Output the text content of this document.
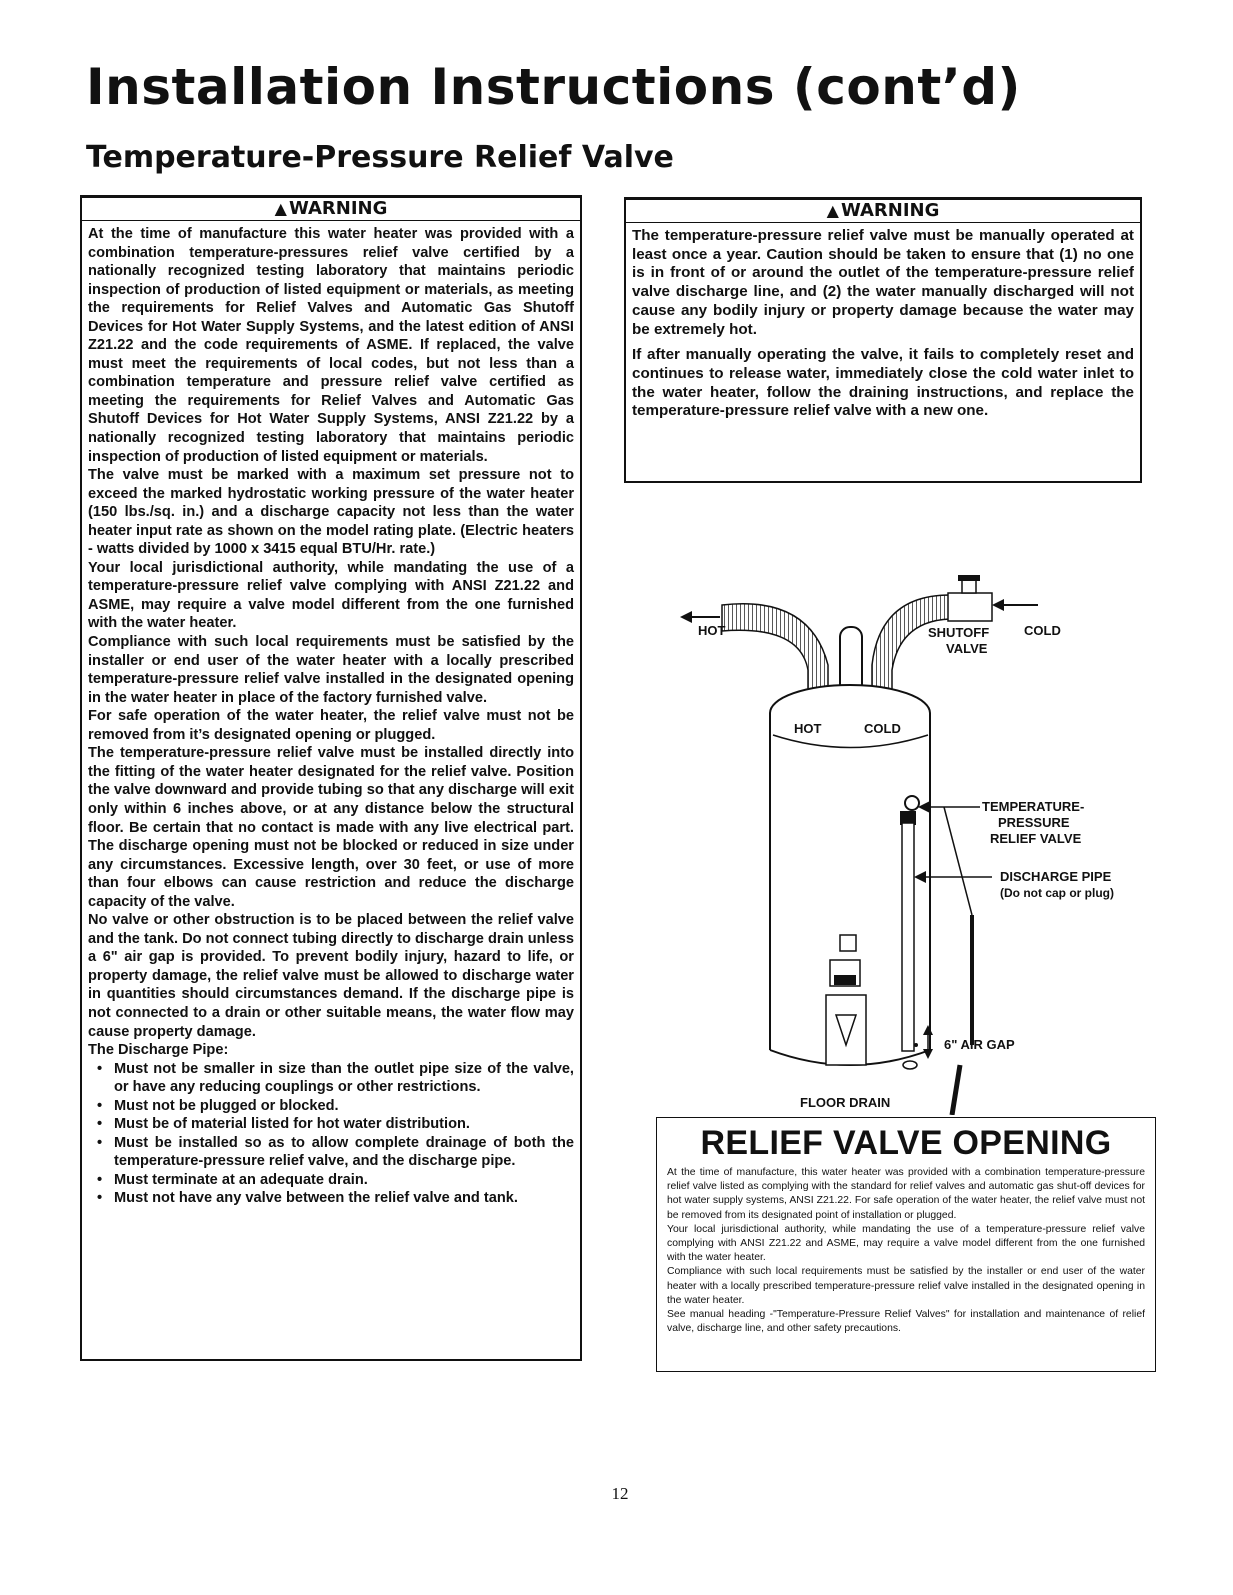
Installation Instructions (cont’d)
Temperature-Pressure Relief Valve
▲ WARNING

At the time of manufacture this water heater was provided with a combination temperature-pressures relief valve certified by a nationally recognized testing laboratory that maintains periodic inspection of production of listed equipment or materials, as meeting the requirements for Relief Valves and Automatic Gas Shutoff Devices for Hot Water Supply Systems, and the latest edition of ANSI Z21.22 and the code requirements of ASME. If replaced, the valve must meet the requirements of local codes, but not less than a combination temperature and pressure relief valve certified as meeting the requirements for Relief Valves and Automatic Gas Shutoff Devices for Hot Water Supply Systems, ANSI Z21.22 by a nationally recognized testing laboratory that maintains periodic inspection of production of listed equipment or materials.

The valve must be marked with a maximum set pressure not to exceed the marked hydrostatic working pressure of the water heater (150 lbs./sq. in.) and a discharge capacity not less than the water heater input rate as shown on the model rating plate. (Electric heaters - watts divided by 1000 x 3415 equal BTU/Hr. rate.)

Your local jurisdictional authority, while mandating the use of a temperature-pressure relief valve complying with ANSI Z21.22 and ASME, may require a valve model different from the one furnished with the water heater.

Compliance with such local requirements must be satisfied by the installer or end user of the water heater with a locally prescribed temperature-pressure relief valve installed in the designated opening in the water heater in place of the factory furnished valve.

For safe operation of the water heater, the relief valve must not be removed from it’s designated opening or plugged.

The temperature-pressure relief valve must be installed directly into the fitting of the water heater designated for the relief valve. Position the valve downward and provide tubing so that any discharge will exit only within 6 inches above, or at any distance below the structural floor. Be certain that no contact is made with any live electrical part. The discharge opening must not be blocked or reduced in size under any circumstances. Excessive length, over 30 feet, or use of more than four elbows can cause restriction and reduce the discharge capacity of the valve.

No valve or other obstruction is to be placed between the relief valve and the tank. Do not connect tubing directly to discharge drain unless a 6" air gap is provided. To prevent bodily injury, hazard to life, or property damage, the relief valve must be allowed to discharge water in quantities should circumstances demand. If the discharge pipe is not connected to a drain or other suitable means, the water flow may cause property damage.

The Discharge Pipe:

• Must not be smaller in size than the outlet pipe size of the valve, or have any reducing couplings or other restrictions.
• Must not be plugged or blocked.
• Must be of material listed for hot water distribution.
• Must be installed so as to allow complete drainage of both the temperature-pressure relief valve, and the discharge pipe.
• Must terminate at an adequate drain.
• Must not have any valve between the relief valve and tank.
▲ WARNING

The temperature-pressure relief valve must be manually operated at least once a year. Caution should be taken to ensure that (1) no one is in front of or around the outlet of the temperature-pressure relief valve discharge line, and (2) the water manually discharged will not cause any bodily injury or property damage because the water may be extremely hot.

If after manually operating the valve, it fails to completely reset and continues to release water, immediately close the cold water inlet to the water heater, follow the draining instructions, and replace the temperature-pressure relief valve with a new one.

HOT	SHUTOFF
VALVE
COLD
HOT	COLD
TEMPERATURE-
PRESSURE
RELIEF VALVE
DISCHARGE PIPE
(Do not cap or plug)
6" AIR GAP
FLOOR DRAIN
RELIEF VALVE OPENING

At the time of manufacture, this water heater was provided with a combination temperature-pressure relief valve listed as complying with the standard for relief valves and automatic gas shut-off devices for hot water supply systems, ANSI Z21.22. For safe operation of the water heater, the relief valve must not be removed from its designated point of installation or plugged.

Your local jurisdictional authority, while mandating the use of a temperature-pressure relief valve complying with ANSI Z21.22 and ASME, may require a valve model different from the one furnished with the water heater.

Compliance with such local requirements must be satisfied by the installer or end user of the water heater with a locally prescribed temperature-pressure relief valve installed in the designated opening in the water heater.

See manual heading -"Temperature-Pressure Relief Valves" for installation and maintenance of relief valve, discharge line, and other safety precautions.

12
